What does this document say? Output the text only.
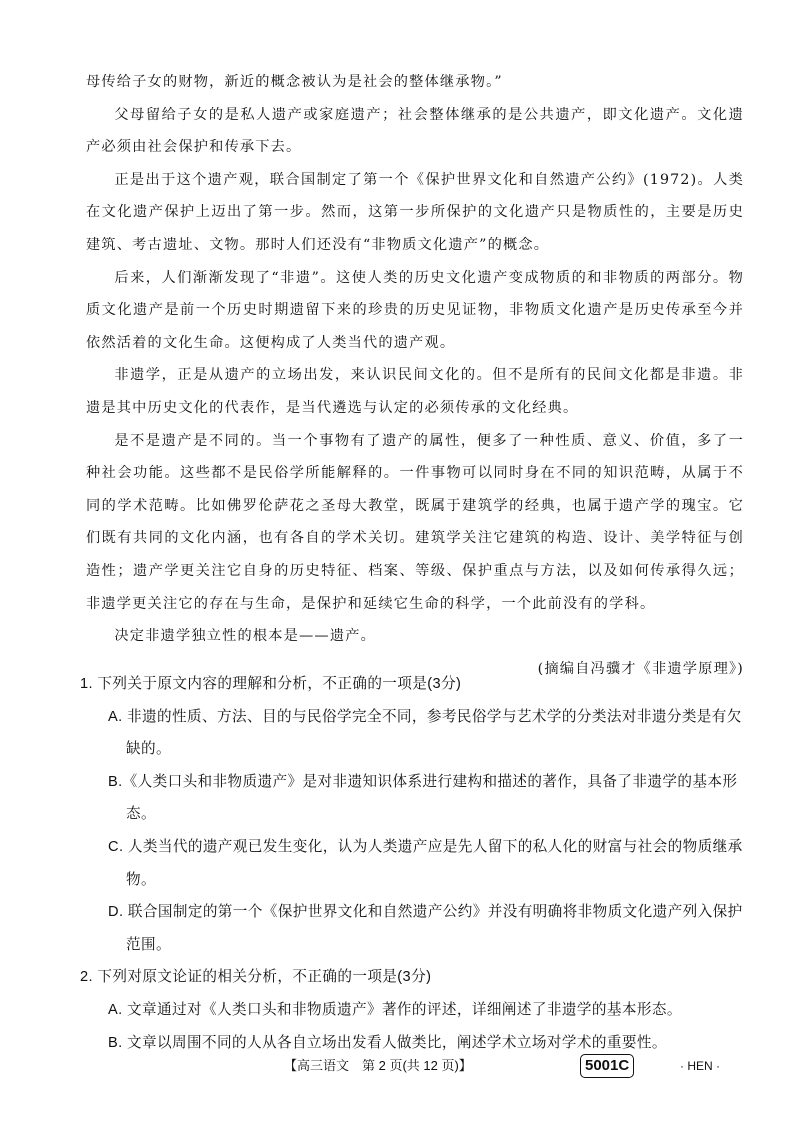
母传给子女的财物，新近的概念被认为是社会的整体继承物。”

父母留给子女的是私人遗产或家庭遗产；社会整体继承的是公共遗产，即文化遗产。文化遗产必须由社会保护和传承下去。

正是出于这个遗产观，联合国制定了第一个《保护世界文化和自然遗产公约》(1972)。人类在文化遗产保护上迈出了第一步。然而，这第一步所保护的文化遗产只是物质性的，主要是历史建筑、考古遗址、文物。那时人们还没有“非物质文化遗产”的概念。

后来，人们渐渐发现了“非遗”。这使人类的历史文化遗产变成物质的和非物质的两部分。物质文化遗产是前一个历史时期遗留下来的珍贵的历史见证物，非物质文化遗产是历史传承至今并依然活着的文化生命。这便构成了人类当代的遗产观。

非遗学，正是从遗产的立场出发，来认识民间文化的。但不是所有的民间文化都是非遗。非遗是其中历史文化的代表作，是当代遴选与认定的必须传承的文化经典。

是不是遗产是不同的。当一个事物有了遗产的属性，便多了一种性质、意义、价值，多了一种社会功能。这些都不是民俗学所能解释的。一件事物可以同时身在不同的知识范畴，从属于不同的学术范畴。比如佛罗伦萨花之圣母大教堂，既属于建筑学的经典，也属于遗产学的瑰宝。它们既有共同的文化内涵，也有各自的学术关切。建筑学关注它建筑的构造、设计、美学特征与创造性；遗产学更关注它自身的历史特征、档案、等级、保护重点与方法，以及如何传承得久远；非遗学更关注它的存在与生命，是保护和延续它生命的科学，一个此前没有的学科。

决定非遗学独立性的根本是——遗产。

(摘编自冯骥才《非遗学原理》)

1. 下列关于原文内容的理解和分析，不正确的一项是(3分)

A. 非遗的性质、方法、目的与民俗学完全不同，参考民俗学与艺术学的分类法对非遗分类是有欠缺的。

B.《人类口头和非物质遗产》是对非遗知识体系进行建构和描述的著作，具备了非遗学的基本形态。

C. 人类当代的遗产观已发生变化，认为人类遗产应是先人留下的私人化的财富与社会的物质继承物。

D. 联合国制定的第一个《保护世界文化和自然遗产公约》并没有明确将非物质文化遗产列入保护范围。

2. 下列对原文论证的相关分析，不正确的一项是(3分)

A. 文章通过对《人类口头和非物质遗产》著作的评述，详细阐述了非遗学的基本形态。

B. 文章以周围不同的人从各自立场出发看人做类比，阐述学术立场对学术的重要性。

【高三语文　第 2 页(共 12 页)】	5001C	· HEN ·
